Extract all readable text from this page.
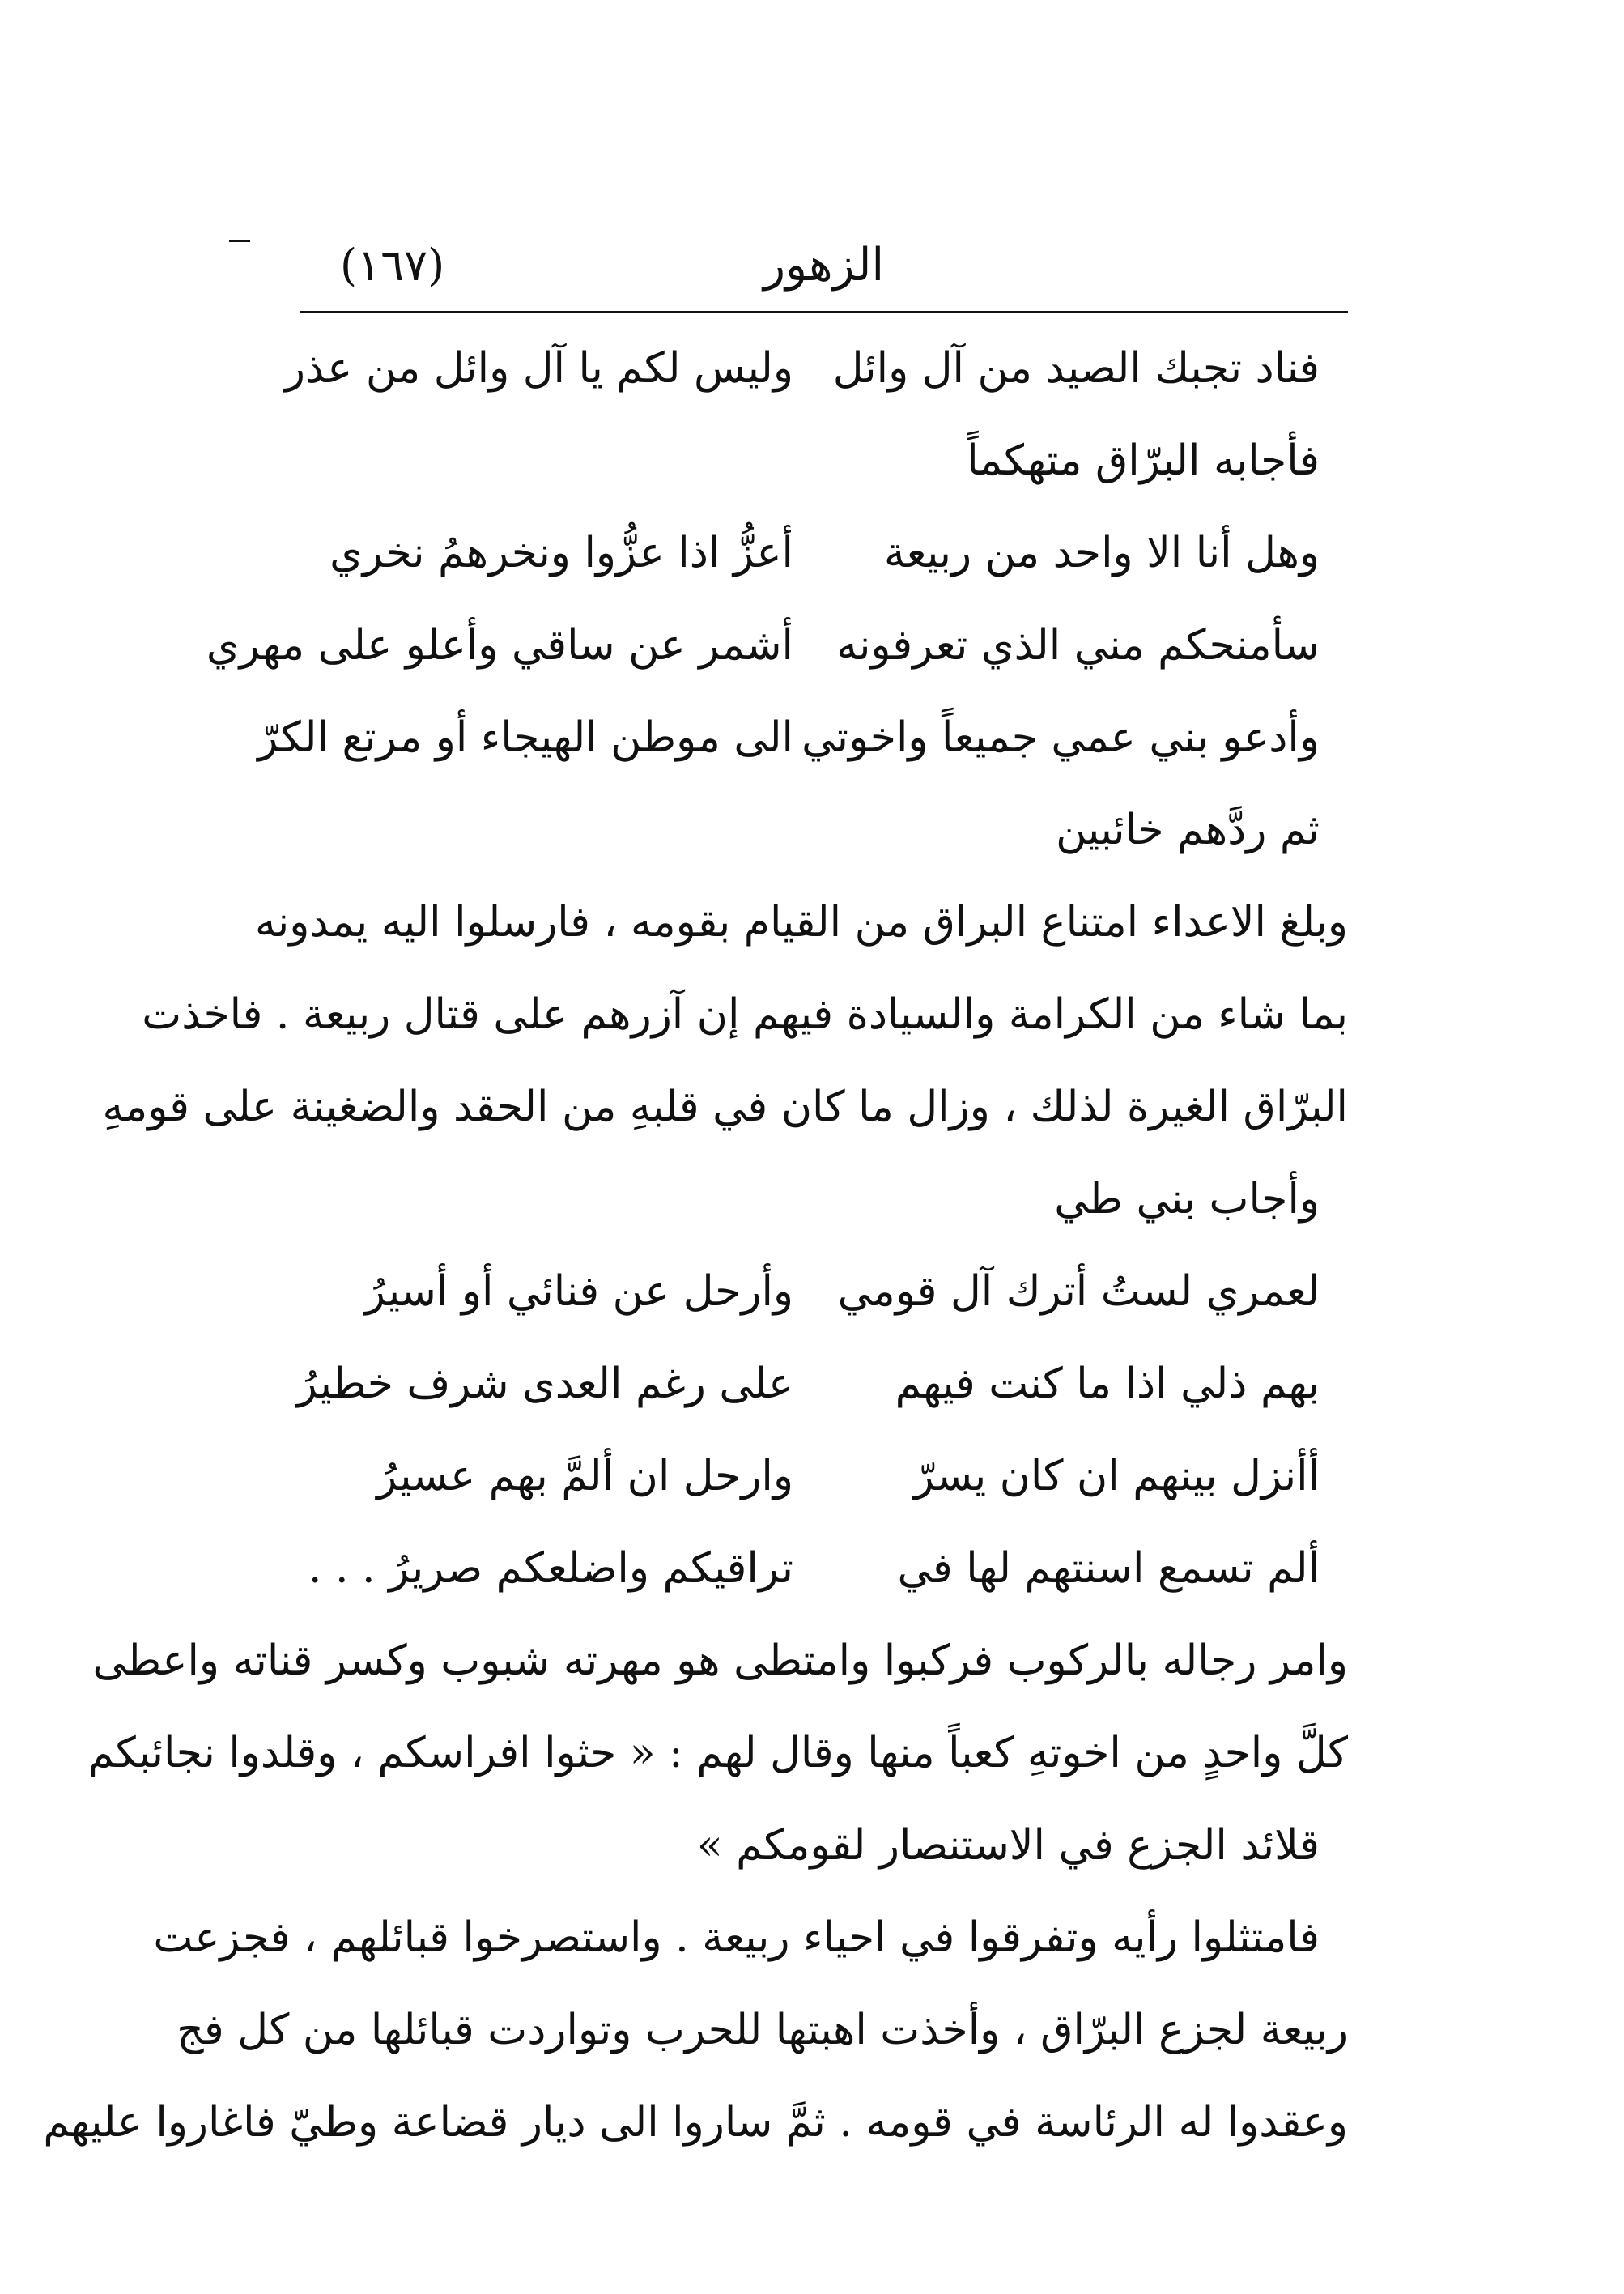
الزهور
(١٦٧)
فناد تجبك الصيد من آل وائل
وليس لكم يا آل وائل من عذر
فأجابه البرّاق متهكماً
وهل أنا الا واحد من ربيعة
أعزُّ اذا عزُّوا ونخرهمُ نخري
سأمنحكم مني الذي تعرفونه
أشمر عن ساقي وأعلو على مهري
وأدعو بني عمي جميعاً واخوتي
الى موطن الهيجاء أو مرتع الكرّ
ثم ردَّهم خائبين
وبلغ الاعداء امتناع البراق من القيام بقومه ، فارسلوا اليه يمدونه
بما شاء من الكرامة والسيادة فيهم إن آزرهم على قتال ربيعة . فاخذت
البرّاق الغيرة لذلك ، وزال ما كان في قلبهِ من الحقد والضغينة على قومهِ
وأجاب بني طي
لعمري لستُ أترك آل قومي
وأرحل عن فنائي أو أسيرُ
بهم ذلي اذا ما كنت فيهم
على رغم العدى شرف خطيرُ
أأنزل بينهم ان كان يسرّ
وارحل ان ألمَّ بهم عسيرُ
ألم تسمع اسنتهم لها في
تراقيكم واضلعكم صريرُ . . .
وامر رجاله بالركوب فركبوا وامتطى هو مهرته شبوب وكسر قناته واعطى
كلَّ واحدٍ من اخوتهِ كعباً منها وقال لهم : « حثوا افراسكم ، وقلدوا نجائبكم
قلائد الجزع في الاستنصار لقومكم »
فامتثلوا رأيه وتفرقوا في احياء ربيعة . واستصرخوا قبائلهم ، فجزعت
ربيعة لجزع البرّاق ، وأخذت اهبتها للحرب وتواردت قبائلها من كل فج
وعقدوا له الرئاسة في قومه . ثمَّ ساروا الى ديار قضاعة وطيّ فاغاروا عليهم
